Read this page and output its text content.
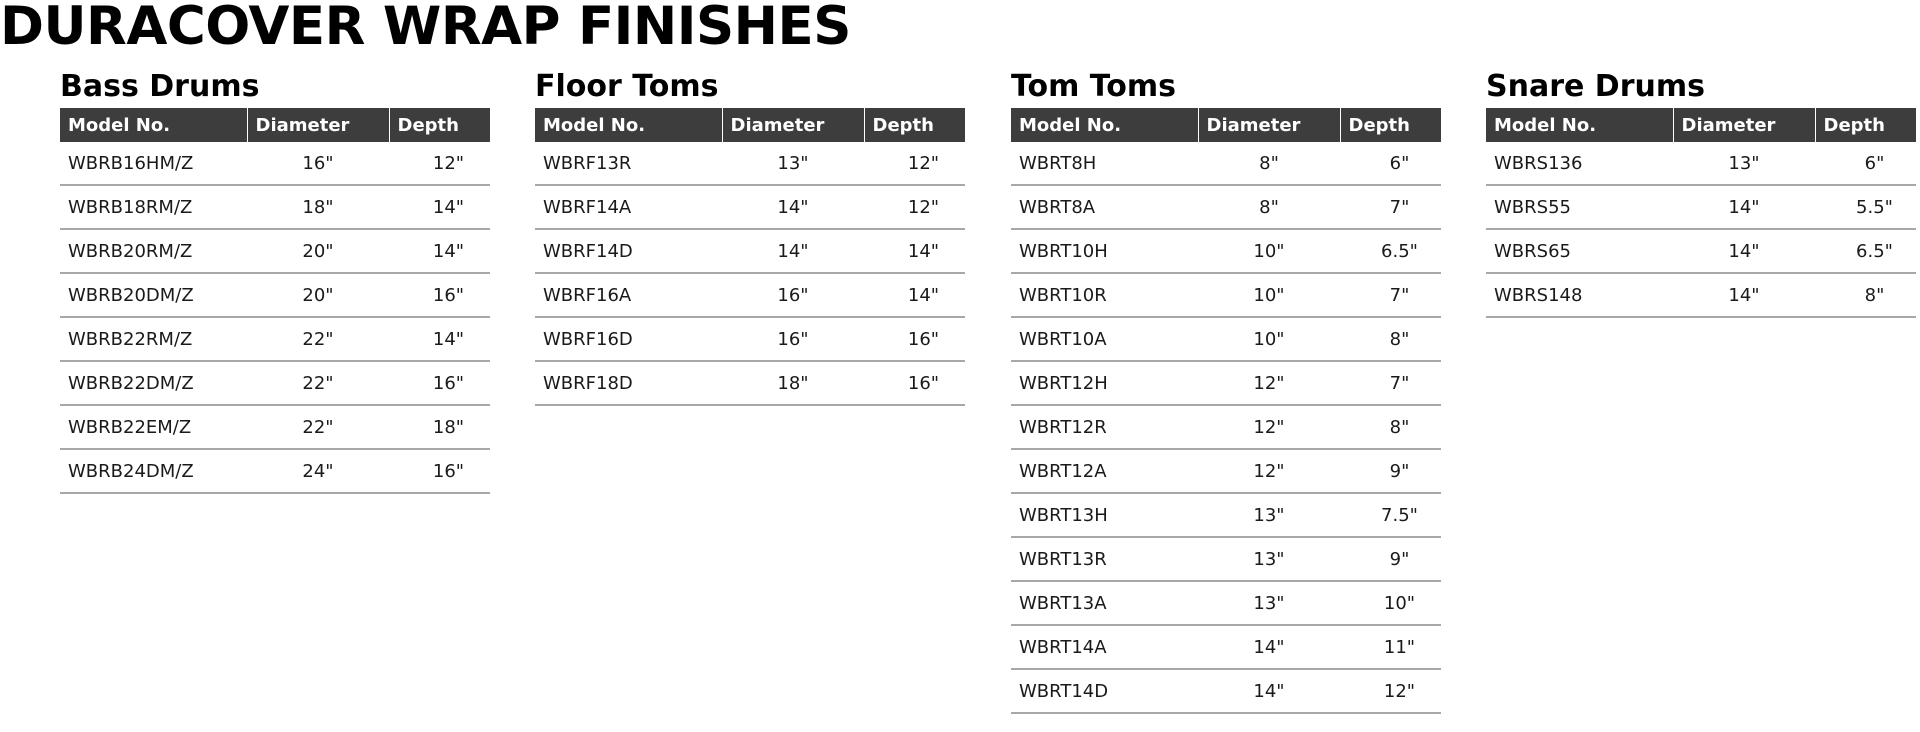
DURACOVER WRAP FINISHES
Bass Drums
Model No.	Diameter	Depth
WBRB16HM/Z	16"	12"
WBRB18RM/Z	18"	14"
WBRB20RM/Z	20"	14"
WBRB20DM/Z	20"	16"
WBRB22RM/Z	22"	14"
WBRB22DM/Z	22"	16"
WBRB22EM/Z	22"	18"
WBRB24DM/Z	24"	16"
Floor Toms
Model No.	Diameter	Depth
WBRF13R	13"	12"
WBRF14A	14"	12"
WBRF14D	14"	14"
WBRF16A	16"	14"
WBRF16D	16"	16"
WBRF18D	18"	16"
Tom Toms
Model No.	Diameter	Depth
WBRT8H	8"	6"
WBRT8A	8"	7"
WBRT10H	10"	6.5"
WBRT10R	10"	7"
WBRT10A	10"	8"
WBRT12H	12"	7"
WBRT12R	12"	8"
WBRT12A	12"	9"
WBRT13H	13"	7.5"
WBRT13R	13"	9"
WBRT13A	13"	10"
WBRT14A	14"	11"
WBRT14D	14"	12"
Snare Drums
Model No.	Diameter	Depth
WBRS136	13"	6"
WBRS55	14"	5.5"
WBRS65	14"	6.5"
WBRS148	14"	8"
